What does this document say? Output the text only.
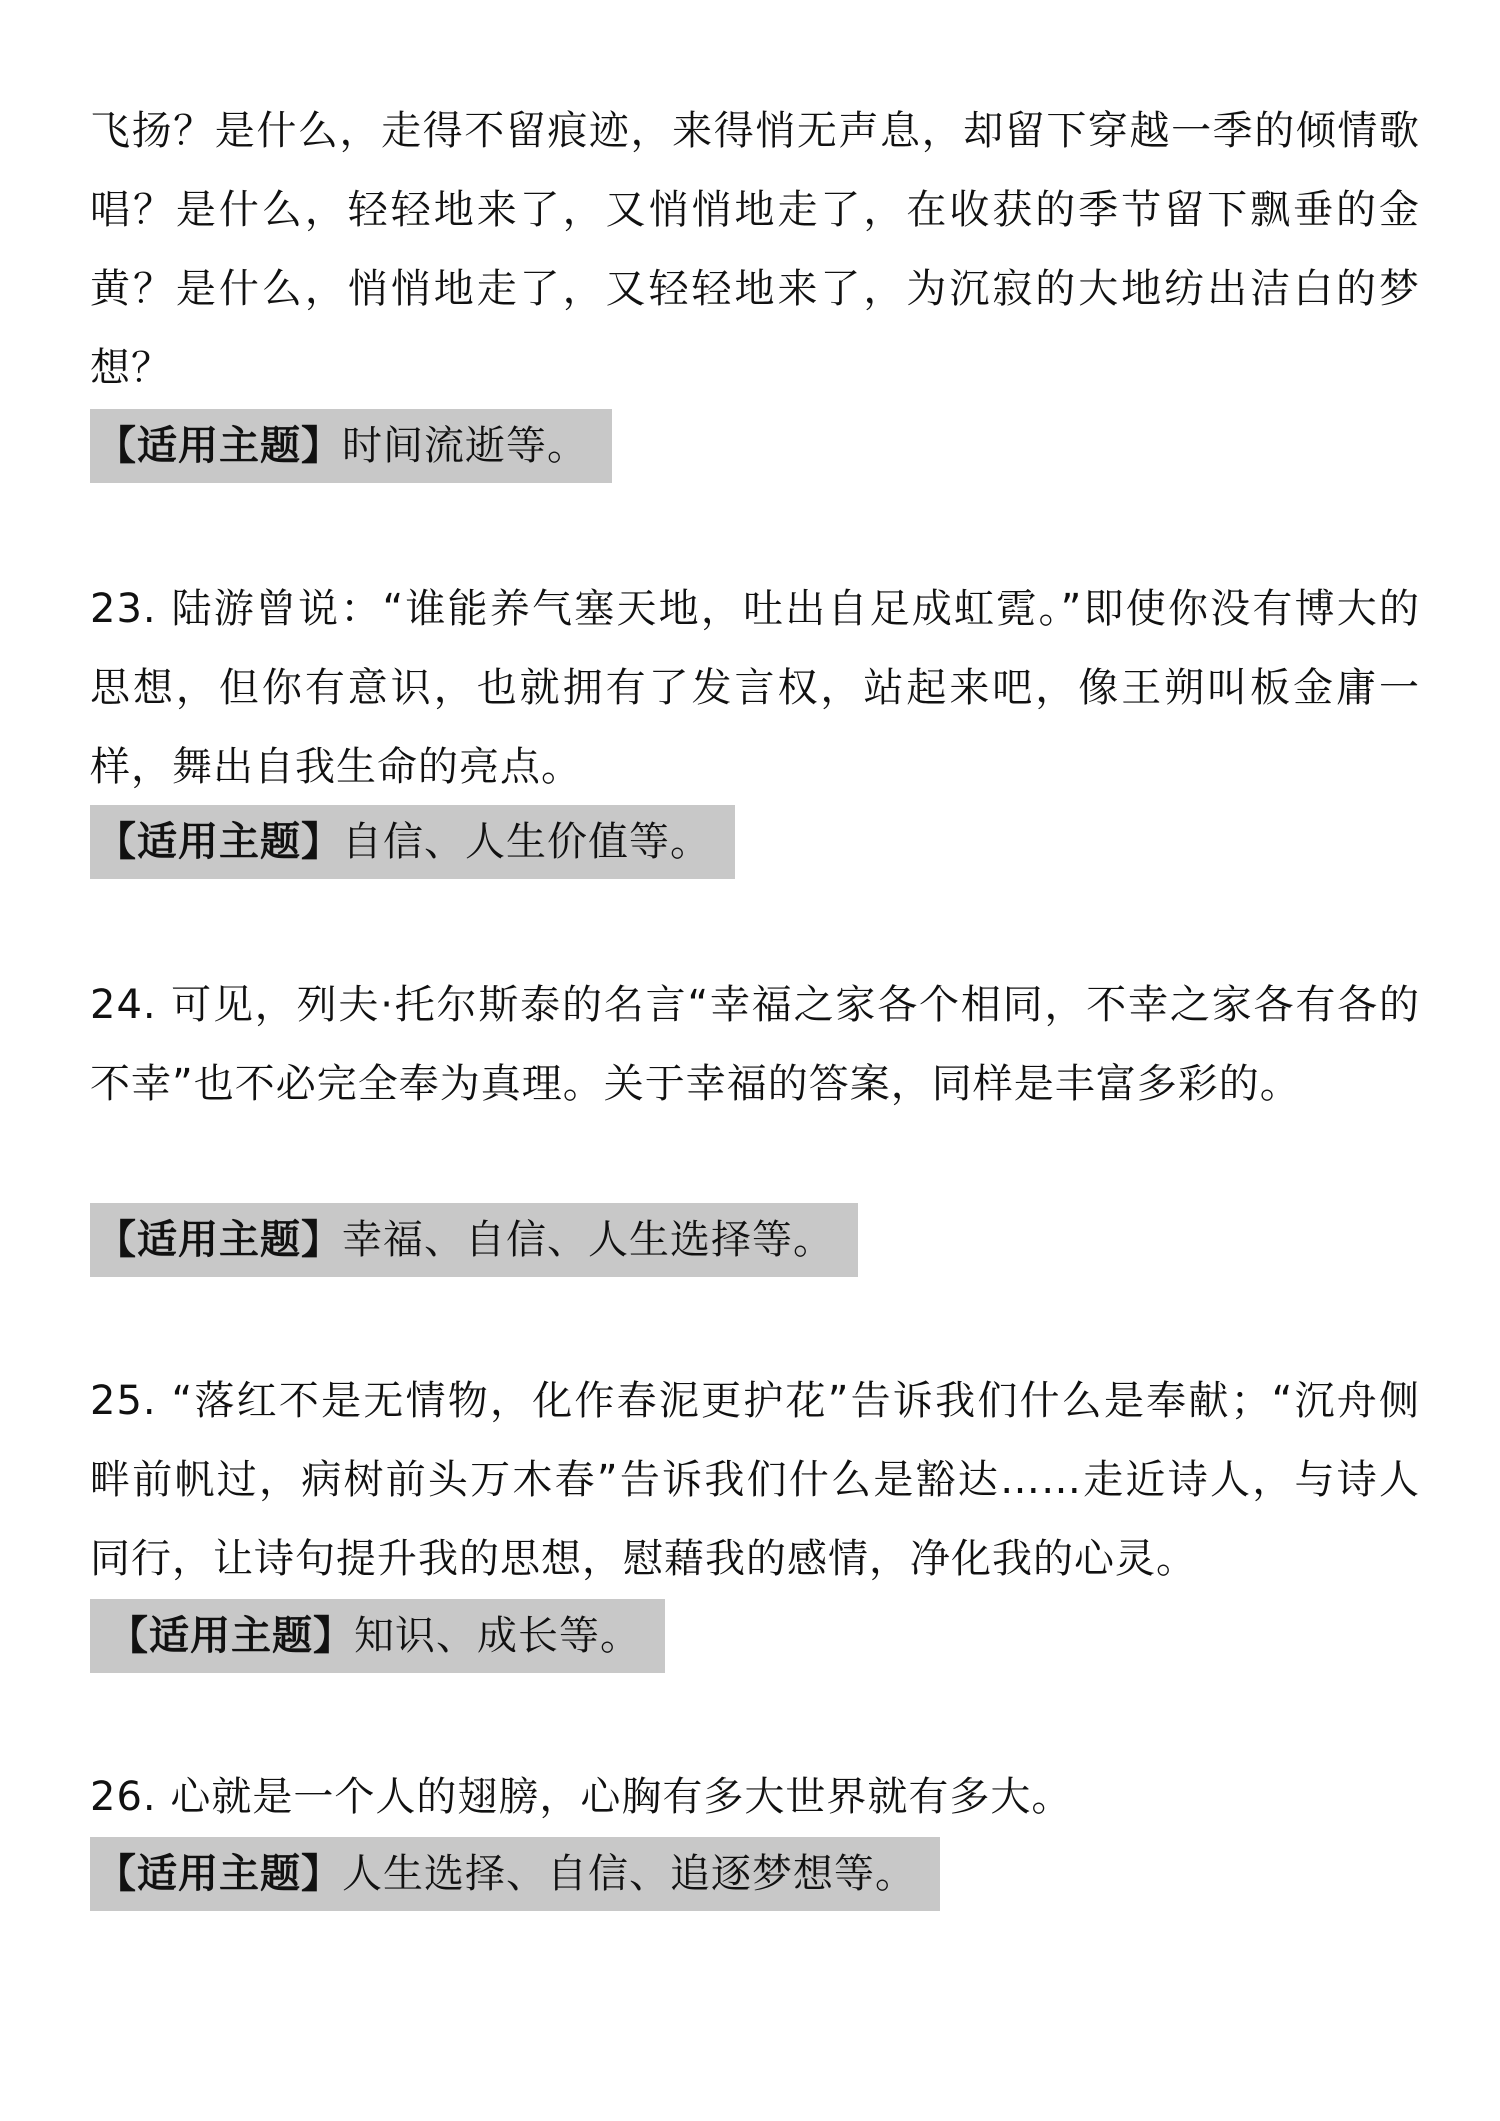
飞扬？是什么，走得不留痕迹，来得悄无声息，却留下穿越一季的倾情歌唱？是什么，轻轻地来了，又悄悄地走了，在收获的季节留下飘垂的金黄？是什么，悄悄地走了，又轻轻地来了，为沉寂的大地纺出洁白的梦想？

【适用主题】时间流逝等。

23. 陆游曾说：“谁能养气塞天地，吐出自足成虹霓。”即使你没有博大的思想，但你有意识，也就拥有了发言权，站起来吧，像王朔叫板金庸一样，舞出自我生命的亮点。

【适用主题】自信、人生价值等。

24. 可见，列夫·托尔斯泰的名言“幸福之家各个相同，不幸之家各有各的不幸”也不必完全奉为真理。关于幸福的答案，同样是丰富多彩的。

【适用主题】幸福、自信、人生选择等。

25. “落红不是无情物，化作春泥更护花”告诉我们什么是奉献；“沉舟侧畔前帆过，病树前头万木春”告诉我们什么是豁达……走近诗人，与诗人同行，让诗句提升我的思想，慰藉我的感情，净化我的心灵。

【适用主题】知识、成长等。

26. 心就是一个人的翅膀，心胸有多大世界就有多大。

【适用主题】人生选择、自信、追逐梦想等。
